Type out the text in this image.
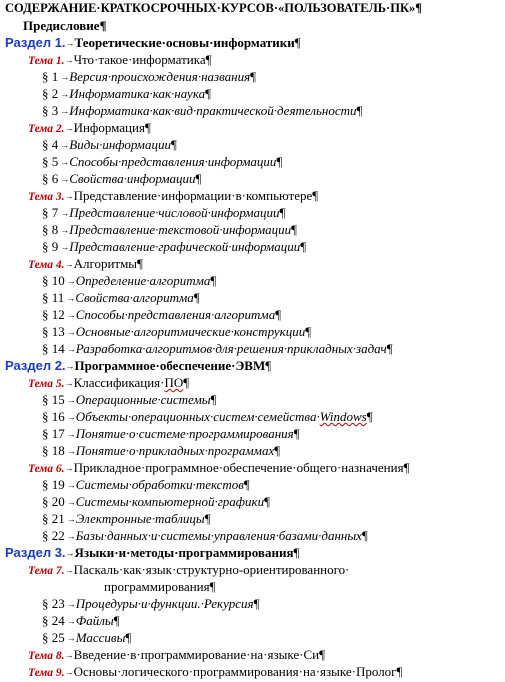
СОДЕРЖАНИЕ·КРАТКОСРОЧНЫХ·КУРСОВ·«ПОЛЬЗОВАТЕЛЬ·ПК»¶
Предисловие¶
Раздел 1.→Теоретические·основы·информатики¶
Тема 1.→Что·такое·информатика¶
§ 1 →Версия·происхождения·названия¶
§ 2 →Информатика·как·наука¶
§ 3 →Информатика·как·вид·практической·деятельности¶
Тема 2.→Информация¶
§ 4 →Виды·информации¶
§ 5 →Способы·представления·информации¶
§ 6 →Свойства·информации¶
Тема 3.→Представление·информации·в·компьютере¶
§ 7 →Представление·числовой·информации¶
§ 8 →Представление·текстовой·информации¶
§ 9 →Представление·графической·информации¶
Тема 4.→Алгоритмы¶
§ 10 →Определение·алгоритма¶
§ 11 →Свойства·алгоритма¶
§ 12 →Способы·представления·алгоритма¶
§ 13 →Основные·алгоритмические·конструкции¶
§ 14 →Разработка·алгоритмов·для·решения·прикладных·задач¶
Раздел 2.→Программное·обеспечение·ЭВМ¶
Тема 5.→Классификация·ПО¶
§ 15 →Операционные·системы¶
§ 16 →Объекты·операционных·систем·семейства·Windows¶
§ 17 →Понятие·о·системе·программирования¶
§ 18 →Понятие·о·прикладных·программах¶
Тема 6.→Прикладное·программное·обеспечение·общего·назначения¶
§ 19 →Системы·обработки·текстов¶
§ 20 →Системы·компьютерной·графики¶
§ 21 →Электронные·таблицы¶
§ 22 →Базы·данных·и·системы·управления·базами·данных¶
Раздел 3.→Языки·и·методы·программирования¶
Тема 7.→Паскаль·как·язык·структурно-ориентированного·
программирования¶
§ 23 →Процедуры·и·функции.·Рекурсия¶
§ 24 →Файлы¶
§ 25 →Массивы¶
Тема 8.→Введение·в·программирование·на·языке·Си¶
Тема 9.→Основы·логического·программирования·на·языке·Пролог¶
